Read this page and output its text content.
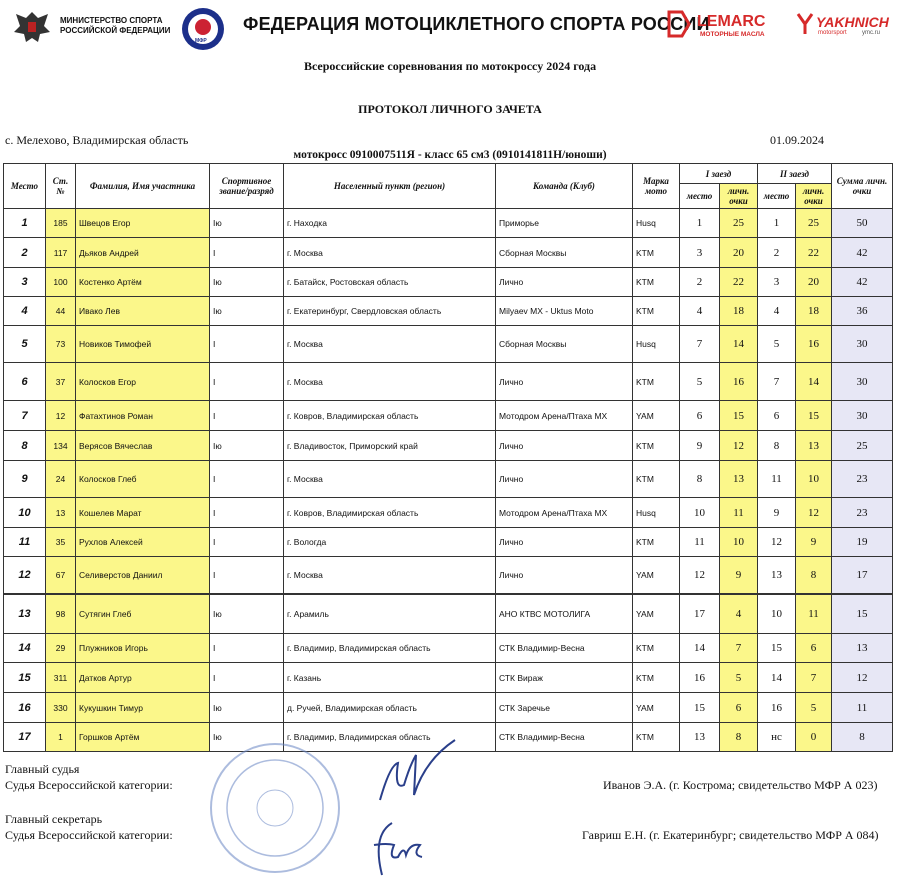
МИНИСТЕРСТВО СПОРТА
РОССИЙСКОЙ ФЕДЕРАЦИИ
МФР
ФЕДЕРАЦИЯ МОТОЦИКЛЕТНОГО СПОРТА РОССИИ
LEMARC
МОТОРНЫЕ МАСЛА
YAKHNICH
motorsport	ymc.ru
Всероссийские соревнования по мотокроссу 2024 года
ПРОТОКОЛ ЛИЧНОГО ЗАЧЕТА
с. Мелехово, Владимирская область	01.09.2024
мотокросс 0910007511Я - класс 65 см3 (0910141811Н/юноши)
Место	Ст. №	Фамилия, Имя участника	Спортивное звание/разряд	Населенный пункт (регион)	Команда (Клуб)	Марка мото	I заезд		II заезд		Сумма личн. очки
							место	личн. очки	место	личн. очки	
1	185	Швецов Егор	Iю	г. Находка	Приморье	Husq	1	25	1	25	50
2	117	Дьяков Андрей	I	г. Москва	Сборная Москвы	KTM	3	20	2	22	42
3	100	Костенко Артём	Iю	г. Батайск, Ростовская область	Лично	KTM	2	22	3	20	42
4	44	Ивако Лев	Iю	г. Екатеринбург, Свердловская область	Milyaev MX - Uktus Moto	KTM	4	18	4	18	36
5	73	Новиков Тимофей	I	г. Москва	Сборная Москвы	Husq	7	14	5	16	30
6	37	Колосков Егор	I	г. Москва	Лично	KTM	5	16	7	14	30
7	12	Фатахтинов Роман	I	г. Ковров, Владимирская область	Мотодром Арена/Птаха МХ	YAM	6	15	6	15	30
8	134	Верясов Вячеслав	Iю	г. Владивосток, Приморский край	Лично	KTM	9	12	8	13	25
9	24	Колосков Глеб	I	г. Москва	Лично	KTM	8	13	11	10	23
10	13	Кошелев Марат	I	г. Ковров, Владимирская область	Мотодром Арена/Птаха МХ	Husq	10	11	9	12	23
11	35	Рухлов Алексей	I	г. Вологда	Лично	KTM	11	10	12	9	19
12	67	Селиверстов Даниил	I	г. Москва	Лично	YAM	12	9	13	8	17
13	98	Сутягин Глеб	Iю	г. Арамиль	АНО КТВС МОТОЛИГА	YAM	17	4	10	11	15
14	29	Плужников Игорь	I	г. Владимир, Владимирская область	СТК Владимир-Весна	KTM	14	7	15	6	13
15	311	Датков Артур	I	г. Казань	СТК Вираж	KTM	16	5	14	7	12
16	330	Кукушкин Тимур	Iю	д. Ручей, Владимирская область	СТК Заречье	YAM	15	6	16	5	11
17	1	Горшков Артём	Iю	г. Владимир, Владимирская область	СТК Владимир-Весна	KTM	13	8	нс	0	8
Главный судья
Судья Всероссийской категории:	Иванов Э.А. (г. Кострома; свидетельство МФР А 023)
Главный секретарь
Судья Всероссийской категории:	Гавриш Е.Н. (г. Екатеринбург; свидетельство МФР А 084)
